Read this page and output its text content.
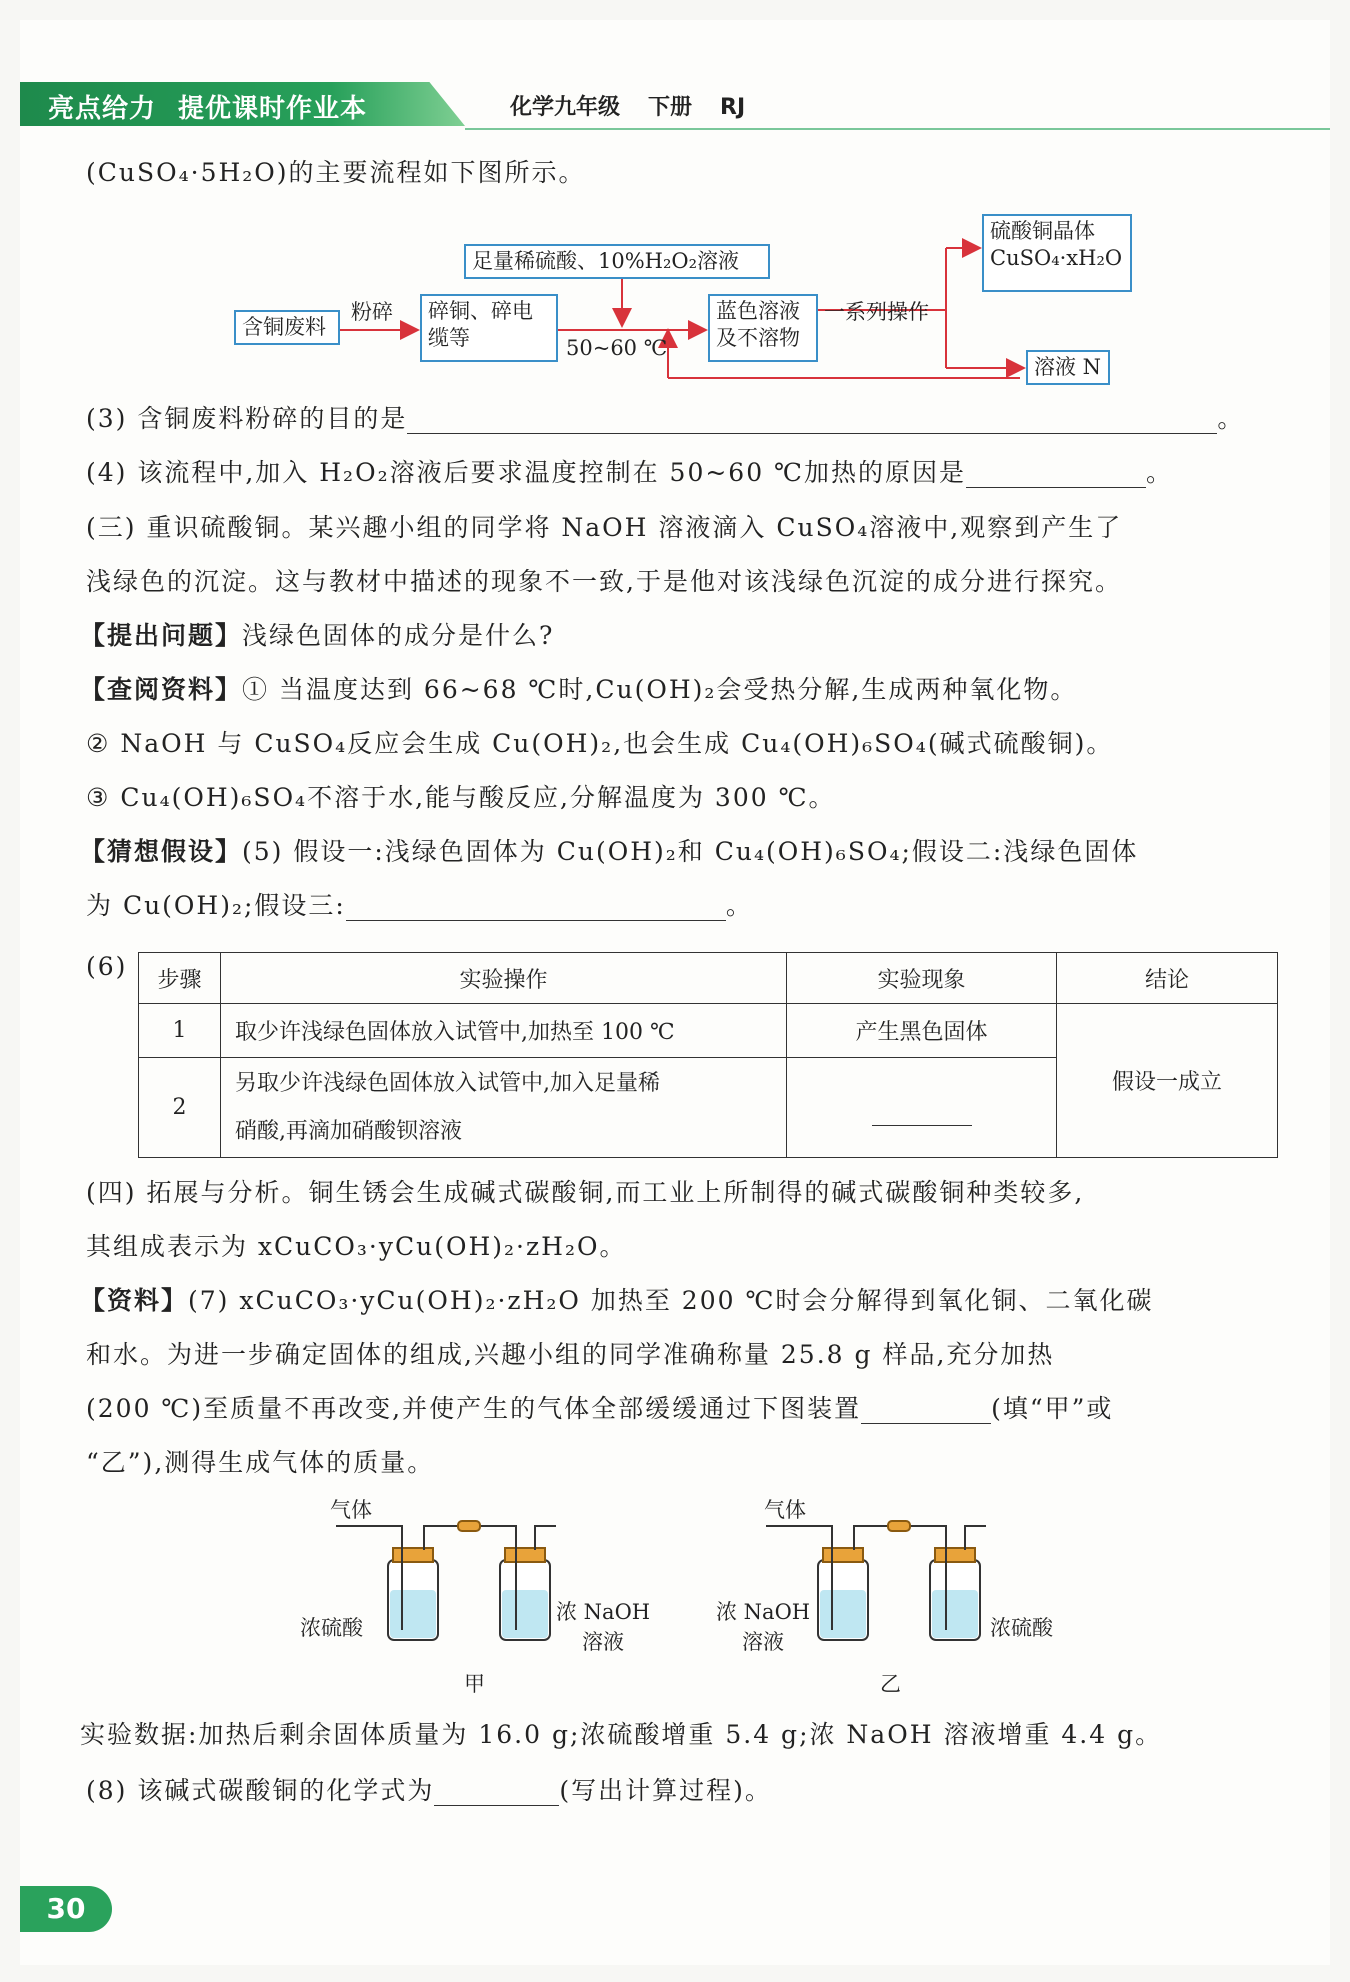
亮点给力 提优课时作业本	化学九年级 下册 RJ
(CuSO₄·5H₂O)的主要流程如下图所示。
足量稀硫酸、10%H₂O₂溶液
含铜废料
粉碎 碎铜、碎电
缆等	50~60 ℃
蓝色溶液
及不溶物
一系列操作
硫酸铜晶体
CuSO₄·xH₂O
溶液 N
(3) 含铜废料粉碎的目的是	。
(4) 该流程中,加入 H₂O₂溶液后要求温度控制在 50~60 ℃加热的原因是	。
(三) 重识硫酸铜。某兴趣小组的同学将 NaOH 溶液滴入 CuSO₄溶液中,观察到产生了
浅绿色的沉淀。这与教材中描述的现象不一致,于是他对该浅绿色沉淀的成分进行探究。
【提出问题】浅绿色固体的成分是什么?
【查阅资料】① 当温度达到 66~68 ℃时,Cu(OH)₂会受热分解,生成两种氧化物。
② NaOH 与 CuSO₄反应会生成 Cu(OH)₂,也会生成 Cu₄(OH)₆SO₄(碱式硫酸铜)。
③ Cu₄(OH)₆SO₄不溶于水,能与酸反应,分解温度为 300 ℃。
【猜想假设】(5) 假设一:浅绿色固体为 Cu(OH)₂和 Cu₄(OH)₆SO₄;假设二:浅绿色固体
为 Cu(OH)₂;假设三:	。
(6) 步骤	实验操作	实验现象	结论
1	取少许浅绿色固体放入试管中,加热至 100 ℃	产生黑色固体	假设一成立
2	另取少许浅绿色固体放入试管中,加入足量稀
硝酸,再滴加硝酸钡溶液		

(四) 拓展与分析。铜生锈会生成碱式碳酸铜,而工业上所制得的碱式碳酸铜种类较多,
其组成表示为 xCuCO₃·yCu(OH)₂·zH₂O。
【资料】(7) xCuCO₃·yCu(OH)₂·zH₂O 加热至 200 ℃时会分解得到氧化铜、二氧化碳
和水。为进一步确定固体的组成,兴趣小组的同学准确称量 25.8 g 样品,充分加热
(200 ℃)至质量不再改变,并使产生的气体全部缓缓通过下图装置	(填“甲”或
“乙”),测得生成气体的质量。
气体
浓硫酸
浓 NaOH
溶液
甲
气体
浓 NaOH
溶液
浓硫酸
乙
实验数据:加热后剩余固体质量为 16.0 g;浓硫酸增重 5.4 g;浓 NaOH 溶液增重 4.4 g。
(8) 该碱式碳酸铜的化学式为	(写出计算过程)。
30
